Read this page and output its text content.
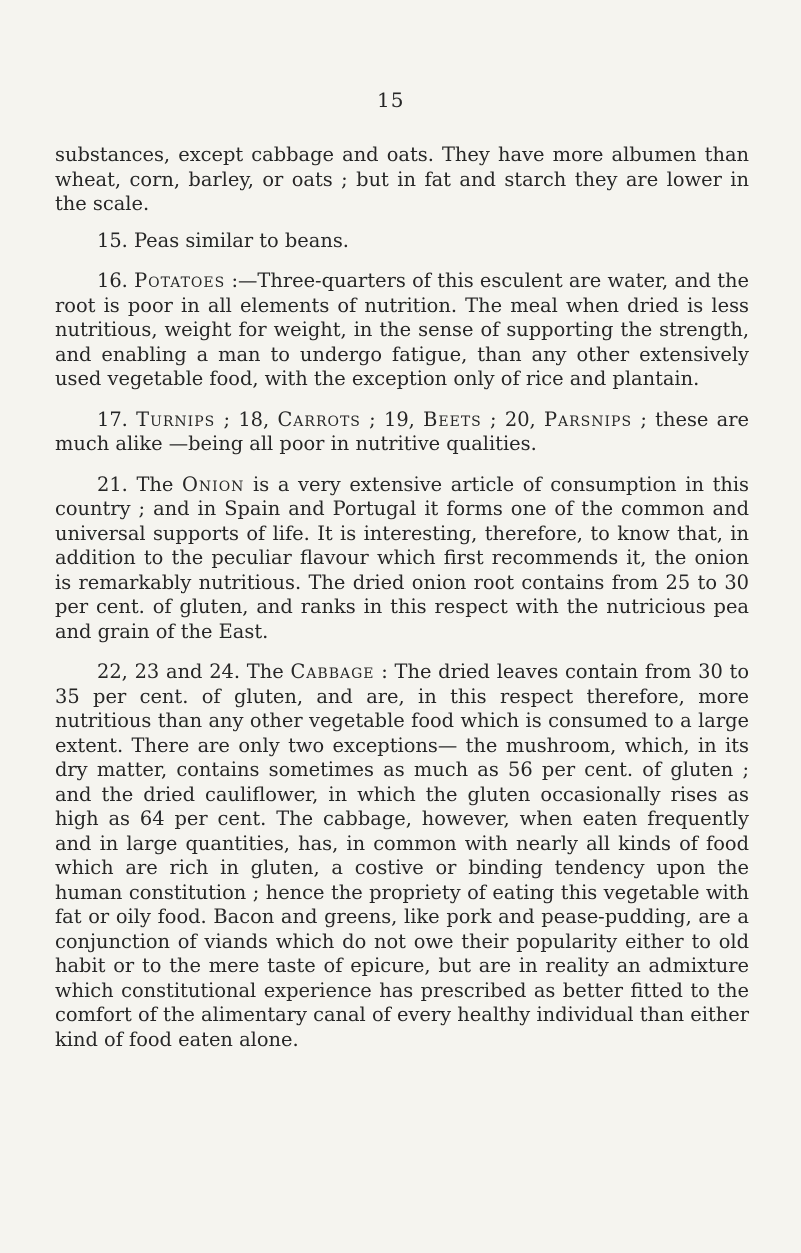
15

substances, except cabbage and oats. They have more albumen than wheat, corn, barley, or oats ; but in fat and starch they are lower in the scale.

15. Peas similar to beans.

16. Potatoes :—Three-quarters of this esculent are water, and the root is poor in all elements of nutrition. The meal when dried is less nutritious, weight for weight, in the sense of supporting the strength, and enabling a man to undergo fatigue, than any other extensively used vegetable food, with the exception only of rice and plantain.

17. Turnips ; 18, Carrots ; 19, Beets ; 20, Parsnips ; these are much alike —being all poor in nutritive qualities.

21. The Onion is a very extensive article of consumption in this country ; and in Spain and Portugal it forms one of the common and universal supports of life. It is interesting, therefore, to know that, in addition to the peculiar flavour which first recommends it, the onion is remarkably nutritious. The dried onion root contains from 25 to 30 per cent. of gluten, and ranks in this respect with the nutricious pea and grain of the East.

22, 23 and 24. The Cabbage : The dried leaves contain from 30 to 35 per cent. of gluten, and are, in this respect therefore, more nutritious than any other vegetable food which is consumed to a large extent. There are only two exceptions— the mushroom, which, in its dry matter, contains sometimes as much as 56 per cent. of gluten ; and the dried cauliflower, in which the gluten occasionally rises as high as 64 per cent. The cabbage, however, when eaten frequently and in large quantities, has, in common with nearly all kinds of food which are rich in gluten, a costive or binding tendency upon the human constitution ; hence the propriety of eating this vegetable with fat or oily food. Bacon and greens, like pork and pease-pudding, are a conjunction of viands which do not owe their popularity either to old habit or to the mere taste of epicure, but are in reality an admixture which constitutional experience has prescribed as better fitted to the comfort of the alimentary canal of every healthy individual than either kind of food eaten alone.
